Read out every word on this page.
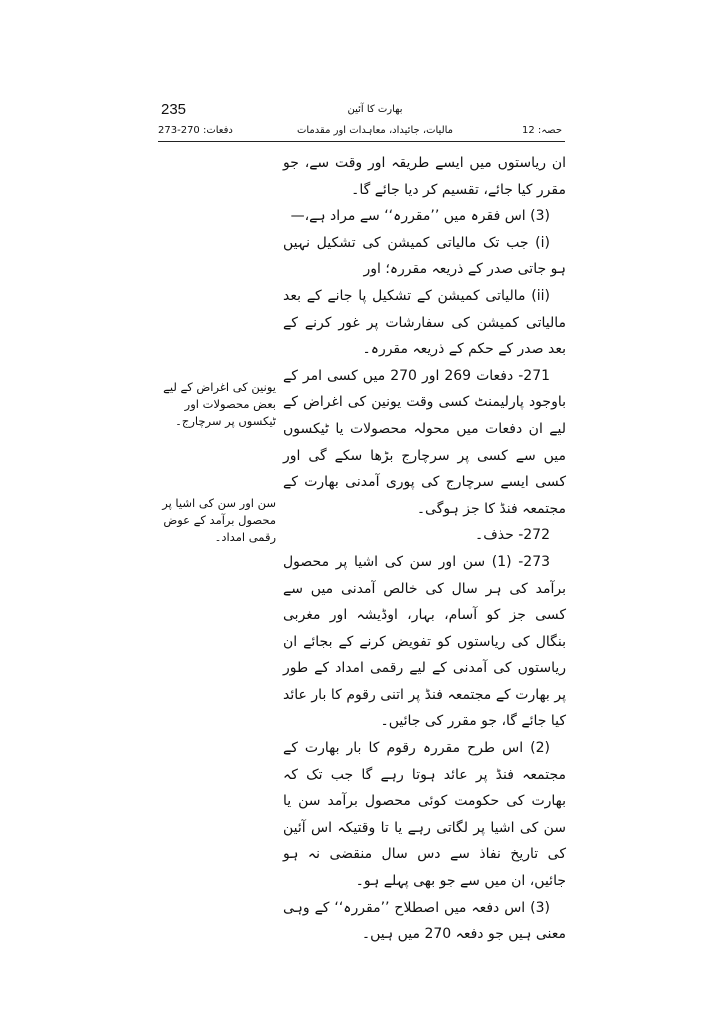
235	بھارت کا آئین
حصہ: 12
مالیات، جائیداد، معاہدات اور مقدمات
دفعات: 270-273

ان ریاستوں میں ایسے طریقہ اور وقت سے، جو مقرر کیا جائے، تقسیم کر دیا جائے گا۔

(3) اس فقرہ میں ’’مقررہ‘‘ سے مراد ہے،—

(i) جب تک مالیاتی کمیشن کی تشکیل نہیں ہو جاتی صدر کے ذریعہ مقررہ؛ اور

(ii) مالیاتی کمیشن کے تشکیل پا جانے کے بعد مالیاتی کمیشن کی سفارشات پر غور کرنے کے بعد صدر کے حکم کے ذریعہ مقررہ۔

271- دفعات 269 اور 270 میں کسی امر کے باوجود پارلیمنٹ کسی وقت یونین کی اغراض کے لیے ان دفعات میں محولہ محصولات یا ٹیکسوں میں سے کسی پر سرچارج بڑھا سکے گی اور کسی ایسے سرچارج کی پوری آمدنی بھارت کے مجتمعہ فنڈ کا جز ہوگی۔

272- حذف۔

273- (1) سن اور سن کی اشیا پر محصول برآمد کی ہر سال کی خالص آمدنی میں سے کسی جز کو آسام، بہار، اوڈیشہ اور مغربی بنگال کی ریاستوں کو تفویض کرنے کے بجائے ان ریاستوں کی آمدنی کے لیے رقمی امداد کے طور پر بھارت کے مجتمعہ فنڈ پر اتنی رقوم کا بار عائد کیا جائے گا، جو مقرر کی جائیں۔

(2) اس طرح مقررہ رقوم کا بار بھارت کے مجتمعہ فنڈ پر عائد ہوتا رہے گا جب تک کہ بھارت کی حکومت کوئی محصول برآمد سن یا سن کی اشیا پر لگاتی رہے یا تا وقتیکہ اس آئین کی تاریخ نفاذ سے دس سال منقضی نہ ہو جائیں، ان میں سے جو بھی پہلے ہو۔

(3) اس دفعہ میں اصطلاح ’’مقررہ‘‘ کے وہی معنی ہیں جو دفعہ 270 میں ہیں۔

یونین کی اغراض کے لیے بعض محصولات اور ٹیکسوں پر سرچارج۔
سن اور سن کی اشیا پر محصول برآمد کے عوض رقمی امداد۔
